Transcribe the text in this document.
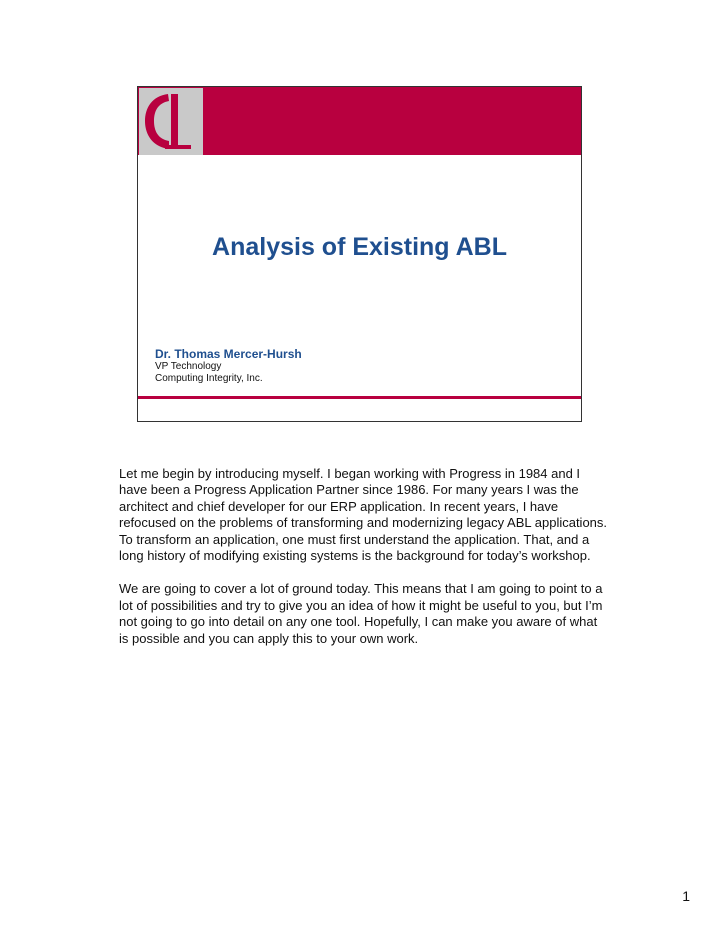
Analysis of Existing ABL
Dr. Thomas Mercer-Hursh
VP Technology
Computing Integrity, Inc.

Let me begin by introducing myself. I began working with Progress in 1984 and I have been a Progress Application Partner since 1986. For many years I was the architect and chief developer for our ERP application. In recent years, I have refocused on the problems of transforming and modernizing legacy ABL applications. To transform an application, one must first understand the application. That, and a long history of modifying existing systems is the background for today’s workshop.

We are going to cover a lot of ground today. This means that I am going to point to a lot of possibilities and try to give you an idea of how it might be useful to you, but I’m not going to go into detail on any one tool. Hopefully, I can make you aware of what is possible and you can apply this to your own work.

1
